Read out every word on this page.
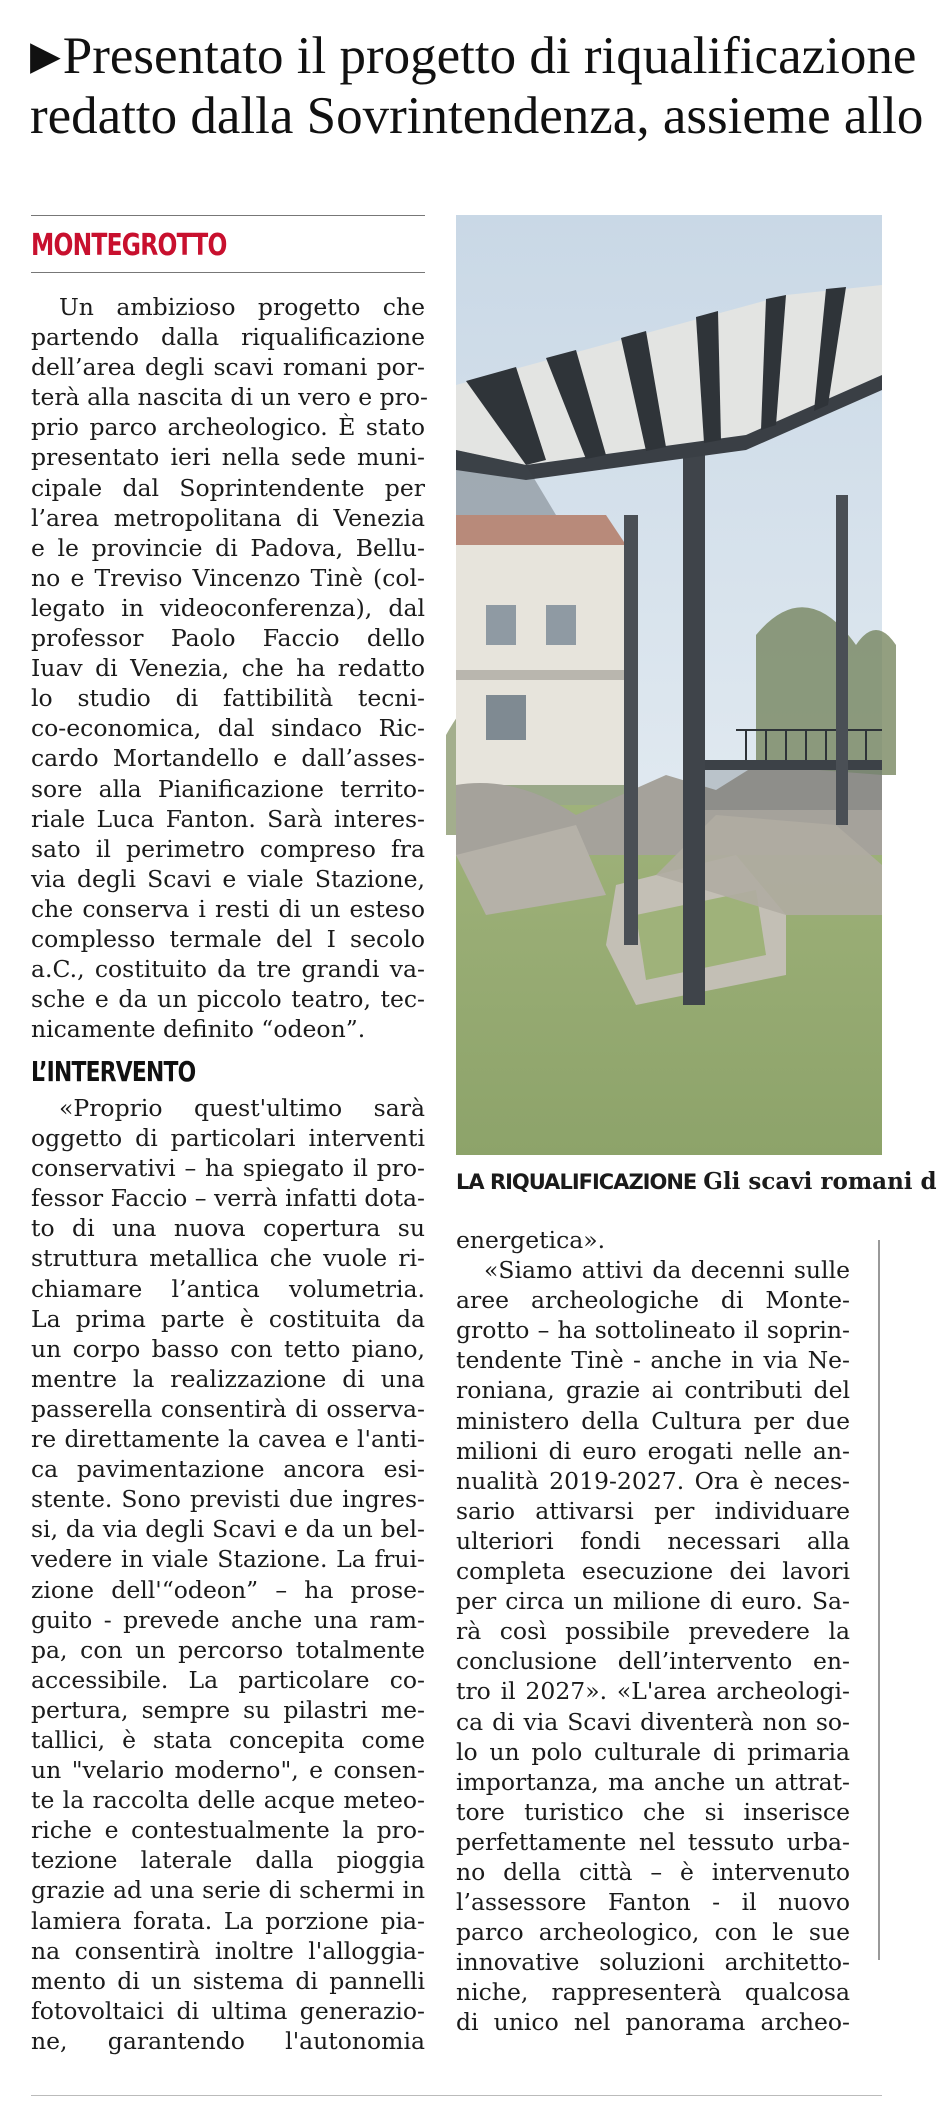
▶Presentato il progetto di riqualificazione
redatto dalla Sovrintendenza, assieme allo
MONTEGROTTO
Un ambizioso progetto che
partendo dalla riqualificazione
dell’area degli scavi romani por-
terà alla nascita di un vero e pro-
prio parco archeologico. È stato
presentato ieri nella sede muni-
cipale dal Soprintendente per
l’area metropolitana di Venezia
e le provincie di Padova, Bellu-
no e Treviso Vincenzo Tinè (col-
legato in videoconferenza), dal
professor Paolo Faccio dello
Iuav di Venezia, che ha redatto
lo studio di fattibilità tecni-
co-economica, dal sindaco Ric-
cardo Mortandello e dall’asses-
sore alla Pianificazione territo-
riale Luca Fanton. Sarà interes-
sato il perimetro compreso fra
via degli Scavi e viale Stazione,
che conserva i resti di un esteso
complesso termale del I secolo
a.C., costituito da tre grandi va-
sche e da un piccolo teatro, tec-
nicamente definito “odeon”.
L’INTERVENTO
«Proprio quest'ultimo sarà
oggetto di particolari interventi
conservativi – ha spiegato il pro-
fessor Faccio – verrà infatti dota-
to di una nuova copertura su
struttura metallica che vuole ri-
chiamare l’antica volumetria.
La prima parte è costituita da
un corpo basso con tetto piano,
mentre la realizzazione di una
passerella consentirà di osserva-
re direttamente la cavea e l'anti-
ca pavimentazione ancora esi-
stente. Sono previsti due ingres-
si, da via degli Scavi e da un bel-
vedere in viale Stazione. La frui-
zione dell'“odeon” – ha prose-
guito - prevede anche una ram-
pa, con un percorso totalmente
accessibile. La particolare co-
pertura, sempre su pilastri me-
tallici, è stata concepita come
un "velario moderno", e consen-
te la raccolta delle acque meteo-
riche e contestualmente la pro-
tezione laterale dalla pioggia
grazie ad una serie di schermi in
lamiera forata. La porzione pia-
na consentirà inoltre l'alloggia-
mento di un sistema di pannelli
fotovoltaici di ultima generazio-
ne, garantendo l'autonomia
LA RIQUALIFICAZIONE Gli scavi romani d
energetica».
«Siamo attivi da decenni sulle
aree archeologiche di Monte-
grotto – ha sottolineato il soprin-
tendente Tinè - anche in via Ne-
roniana, grazie ai contributi del
ministero della Cultura per due
milioni di euro erogati nelle an-
nualità 2019-2027. Ora è neces-
sario attivarsi per individuare
ulteriori fondi necessari alla
completa esecuzione dei lavori
per circa un milione di euro. Sa-
rà così possibile prevedere la
conclusione dell’intervento en-
tro il 2027». «L'area archeologi-
ca di via Scavi diventerà non so-
lo un polo culturale di primaria
importanza, ma anche un attrat-
tore turistico che si inserisce
perfettamente nel tessuto urba-
no della città – è intervenuto
l’assessore Fanton - il nuovo
parco archeologico, con le sue
innovative soluzioni architetto-
niche, rappresenterà qualcosa
di unico nel panorama archeo-
